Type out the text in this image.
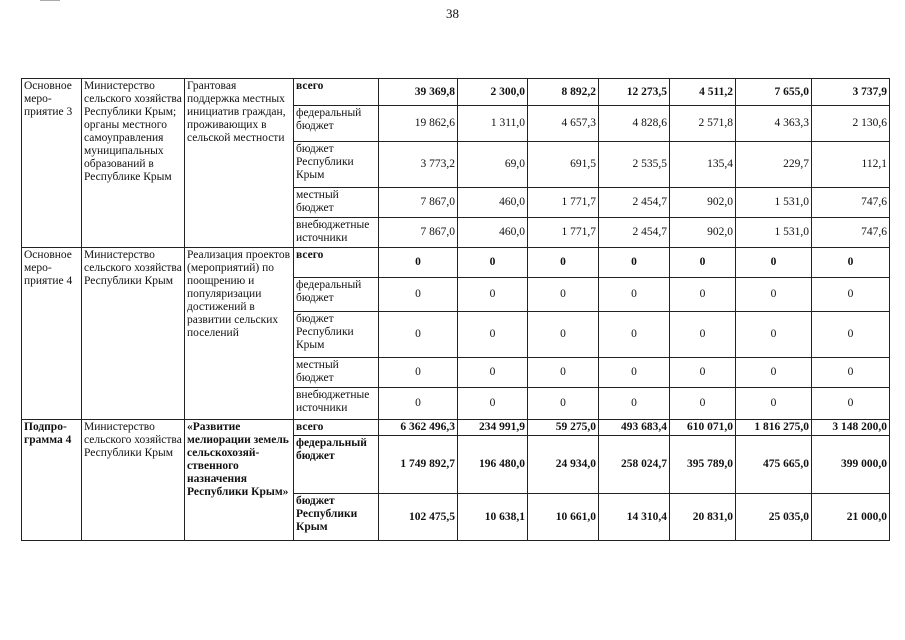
38
Основное меро-приятие 3	Министерство сельского хозяйства Республики Крым; органы местного самоуправления муниципальных образований в Республике Крым	Грантовая поддержка местных инициатив граждан, проживающих в сельской местности	всего	39 369,8	2 300,0	8 892,2	12 273,5	4 511,2	7 655,0	3 737,9
			федеральный бюджет	19 862,6	1 311,0	4 657,3	4 828,6	2 571,8	4 363,3	2 130,6
			бюджет Республики Крым	3 773,2	69,0	691,5	2 535,5	135,4	229,7	112,1
			местный бюджет	7 867,0	460,0	1 771,7	2 454,7	902,0	1 531,0	747,6
			внебюджетные источники	7 867,0	460,0	1 771,7	2 454,7	902,0	1 531,0	747,6
Основное меро-приятие 4	Министерство сельского хозяйства Республики Крым	Реализация проектов (мероприятий) по поощрению и популяризации достижений в развитии сельских поселений	всего	0	0	0	0	0	0	0
			федеральный бюджет	0	0	0	0	0	0	0
			бюджет Республики Крым	0	0	0	0	0	0	0
			местный бюджет	0	0	0	0	0	0	0
			внебюджетные источники	0	0	0	0	0	0	0
Подпро-грамма 4	Министерство сельского хозяйства Республики Крым	«Развитие мелиорации земель сельскохозяй-ственного назначения Республики Крым»	всего	6 362 496,3	234 991,9	59 275,0	493 683,4	610 071,0	1 816 275,0	3 148 200,0
			федеральный бюджет	1 749 892,7	196 480,0	24 934,0	258 024,7	395 789,0	475 665,0	399 000,0
			бюджет Республики Крым	102 475,5	10 638,1	10 661,0	14 310,4	20 831,0	25 035,0	21 000,0
